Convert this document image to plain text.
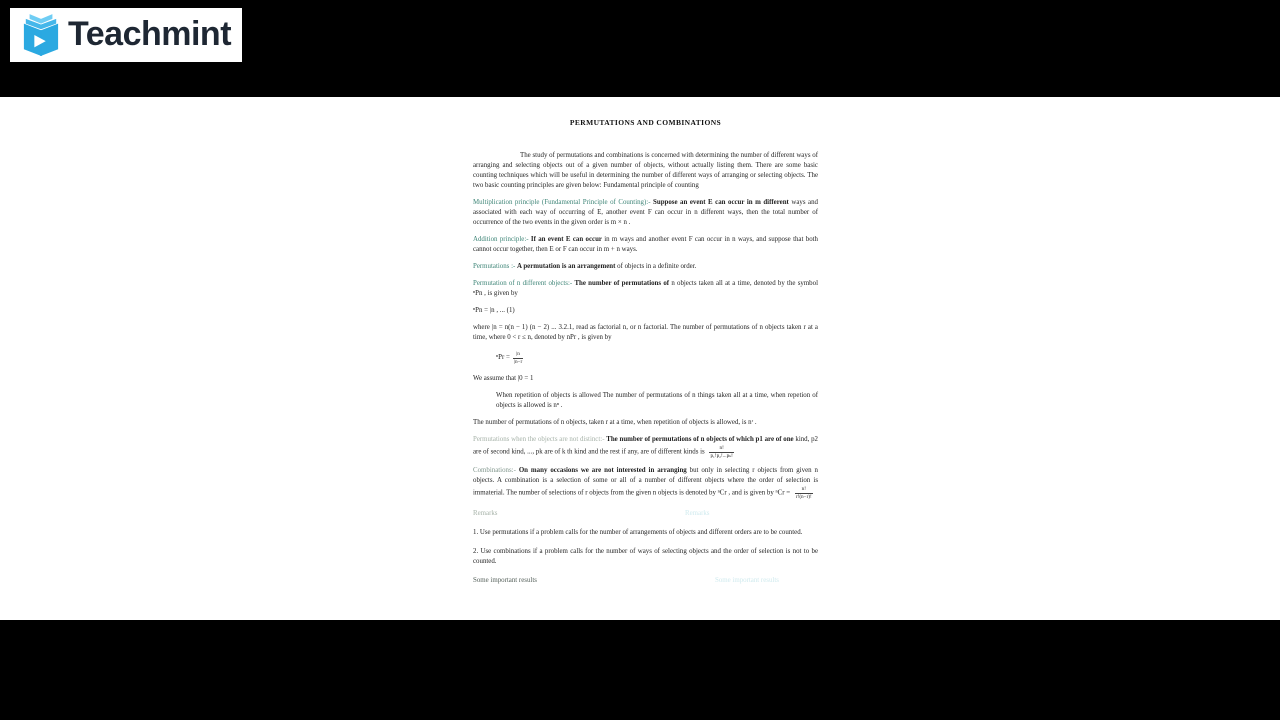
Teachmint
PERMUTATIONS AND COMBINATIONS

The study of permutations and combinations is concerned with determining the number of different ways of arranging and selecting objects out of a given number of objects, without actually listing them. There are some basic counting techniques which will be useful in determining the number of different ways of arranging or selecting objects. The two basic counting principles are given below: Fundamental principle of counting

Multiplication principle (Fundamental Principle of Counting):- Suppose an event E can occur in m different ways and associated with each way of occurring of E, another event F can occur in n different ways, then the total number of occurrence of the two events in the given order is m × n .

Addition principle:- If an event E can occur in m ways and another event F can occur in n ways, and suppose that both cannot occur together, then E or F can occur in m + n ways.

Permutations :- A permutation is an arrangement of objects in a definite order.

Permutation of n different objects:- The number of permutations of n objects taken all at a time, denoted by the symbol ⁿPn , is given by

ⁿPn = |n , ... (1)

where |n = n(n − 1) (n − 2) ... 3.2.1, read as factorial n, or n factorial. The number of permutations of n objects taken r at a time, where 0 < r ≤ n, denoted by nPr , is given by

$^nPr = \frac{|n}{|n-r}$

We assume that |0 = 1

When repetition of objects is allowed The number of permutations of n things taken all at a time, when repetion of objects is allowed is nⁿ .

The number of permutations of n objects, taken r at a time, when repetition of objects is allowed, is nʳ .

Permutations when the objects are not distinct:- The number of permutations of n objects of which p1 are of one kind, p2 are of second kind, ..., pk are of k th kind and the rest if any, are of different kinds is $\frac{n!}{\text{p₁!p₂!...pₖ!}}$

Combinations:- On many occasions we are not interested in arranging but only in selecting r objects from given n objects. A combination is a selection of some or all of a number of different objects where the order of selection is immaterial. The number of selections of r objects from the given n objects is denoted by ⁿCr , and is given by $^nCr = \frac{n!}{r!(n-r)!}$

Remarks	Remarks

1. Use permutations if a problem calls for the number of arrangements of objects and different orders are to be counted.

2. Use combinations if a problem calls for the number of ways of selecting objects and the order of selection is not to be counted.

Some important results	Some important results
